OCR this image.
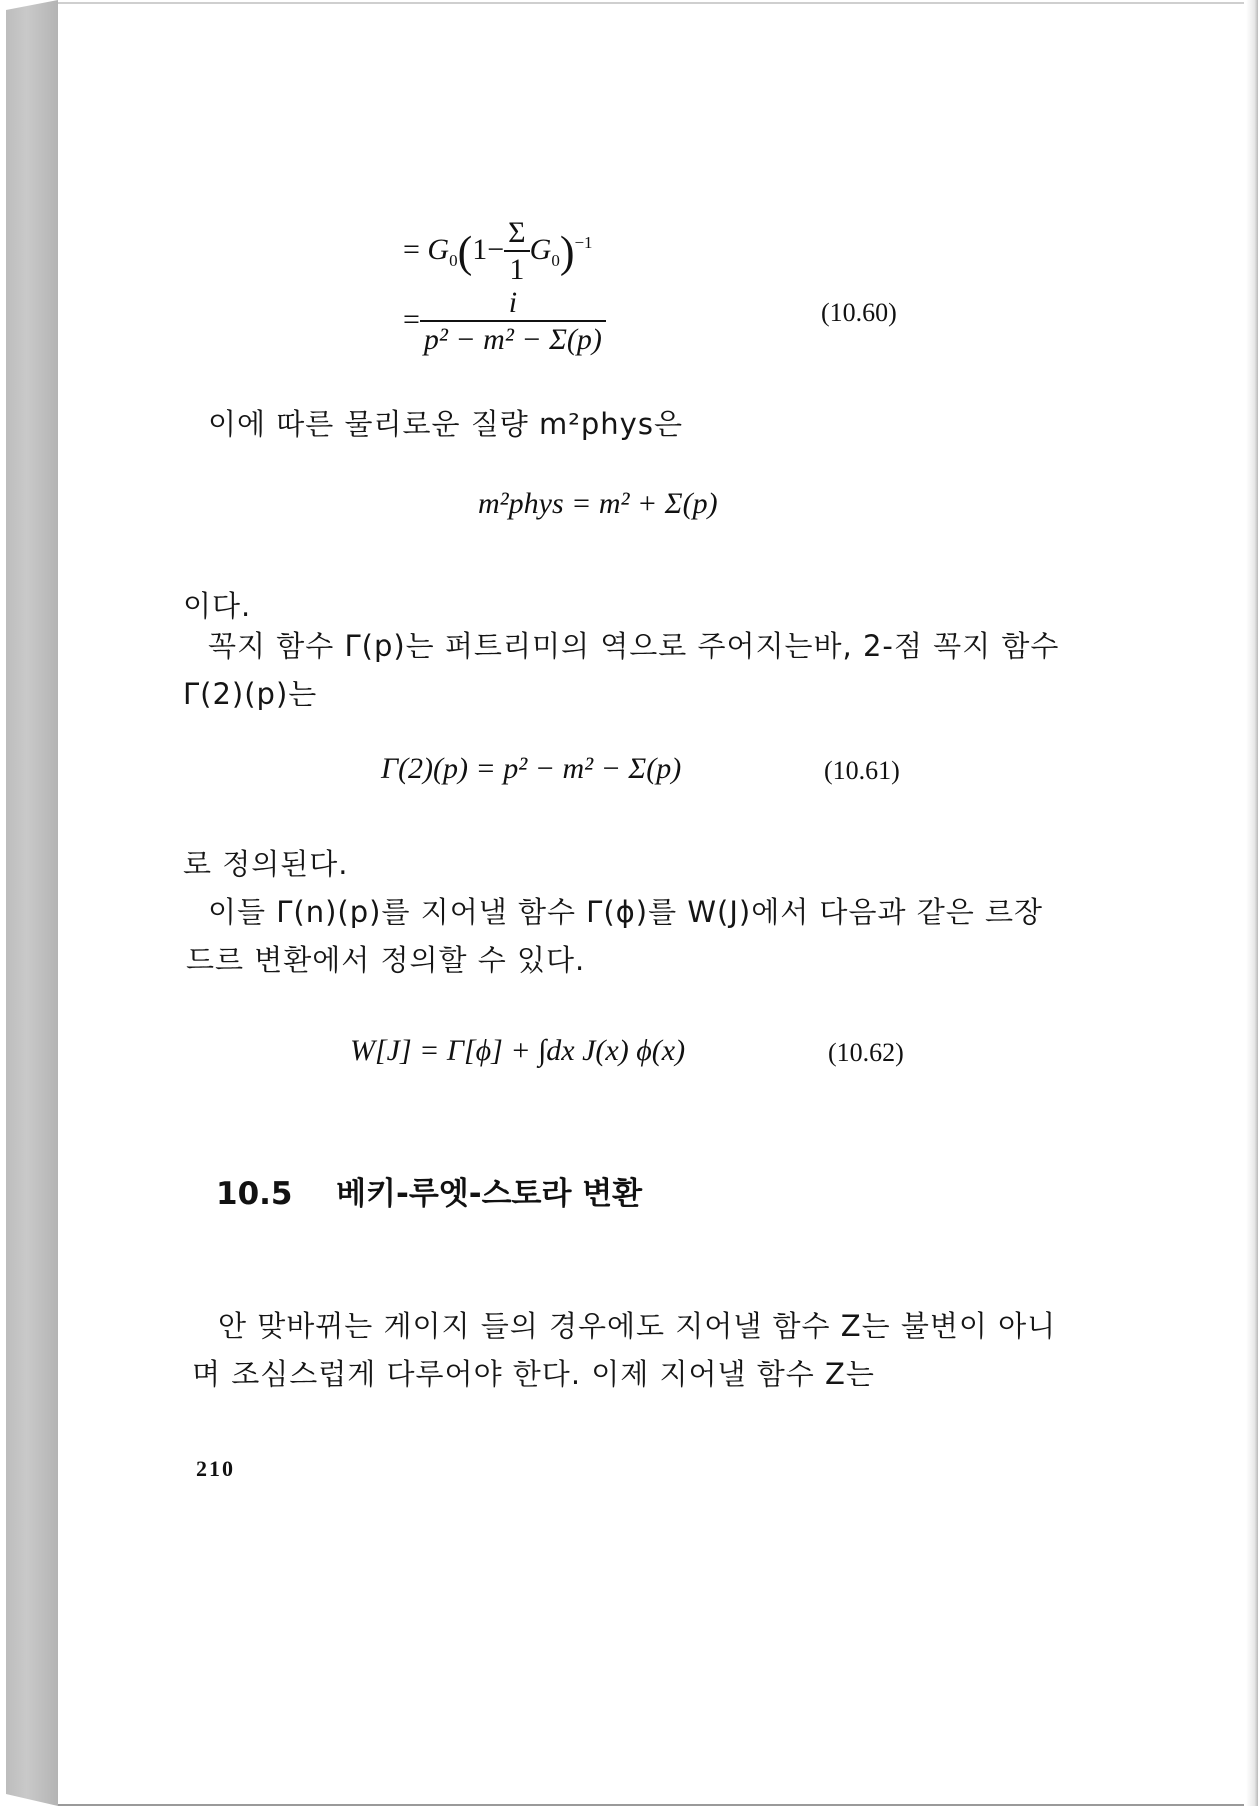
= $G_0(1- \frac{\Sigma}{1} G_0)^{-1}$
= $\frac{i}{\text{p² − m² − Σ(p)}}$	(10.60)
이에 따른 물리로운 질량 m²phys은
m²phys = m² + Σ(p)
이다.
꼭지 함수 Γ(p)는 퍼트리미의 역으로 주어지는바, 2-점 꼭지 함수
Γ(2)(p)는
Γ(2)(p) = p² − m² − Σ(p)	(10.61)
로 정의된다.
이들 Γ(n)(p)를 지어낼 함수 Γ(ϕ)를 W(J)에서 다음과 같은 르장
드르 변환에서 정의할 수 있다.
W[J] = Γ[ϕ] + ∫dx J(x) ϕ(x)	(10.62)
10.5 베키-루엣-스토라 변환
안 맞바뀌는 게이지 들의 경우에도 지어낼 함수 Z는 불변이 아니
며 조심스럽게 다루어야 한다. 이제 지어낼 함수 Z는
210
